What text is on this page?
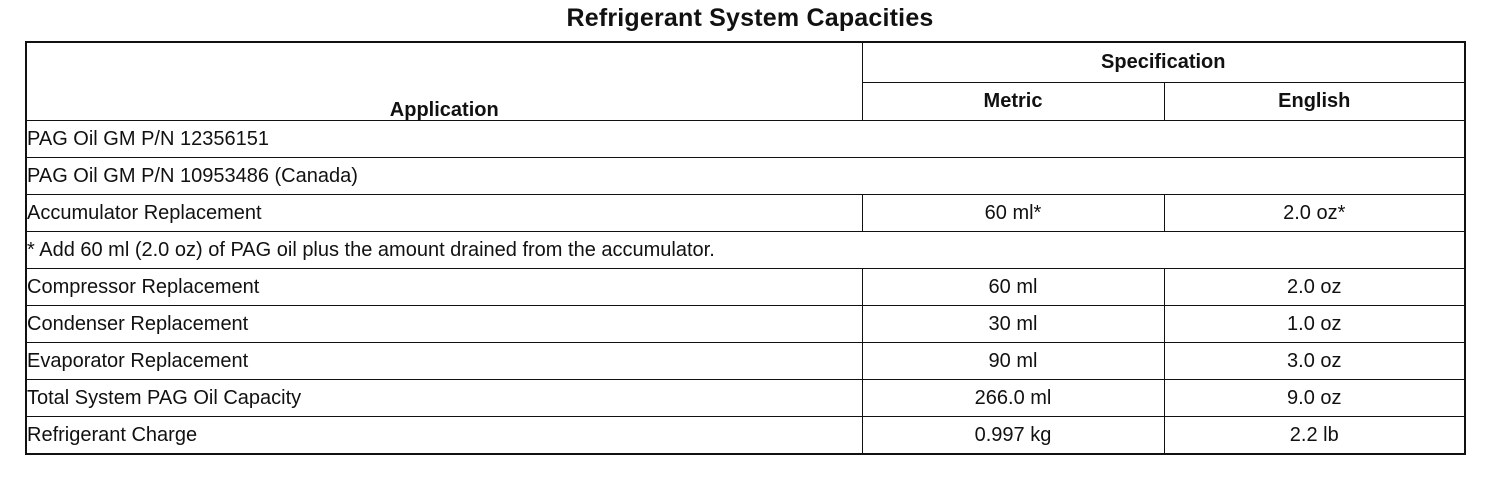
Refrigerant System Capacities
Application	Specification	
	Metric	English
PAG Oil GM P/N 12356151		
PAG Oil GM P/N 10953486 (Canada)		
Accumulator Replacement	60 ml*	2.0 oz*
* Add 60 ml (2.0 oz) of PAG oil plus the amount drained from the accumulator.		
Compressor Replacement	60 ml	2.0 oz
Condenser Replacement	30 ml	1.0 oz
Evaporator Replacement	90 ml	3.0 oz
Total System PAG Oil Capacity	266.0 ml	9.0 oz
Refrigerant Charge	0.997 kg	2.2 lb
